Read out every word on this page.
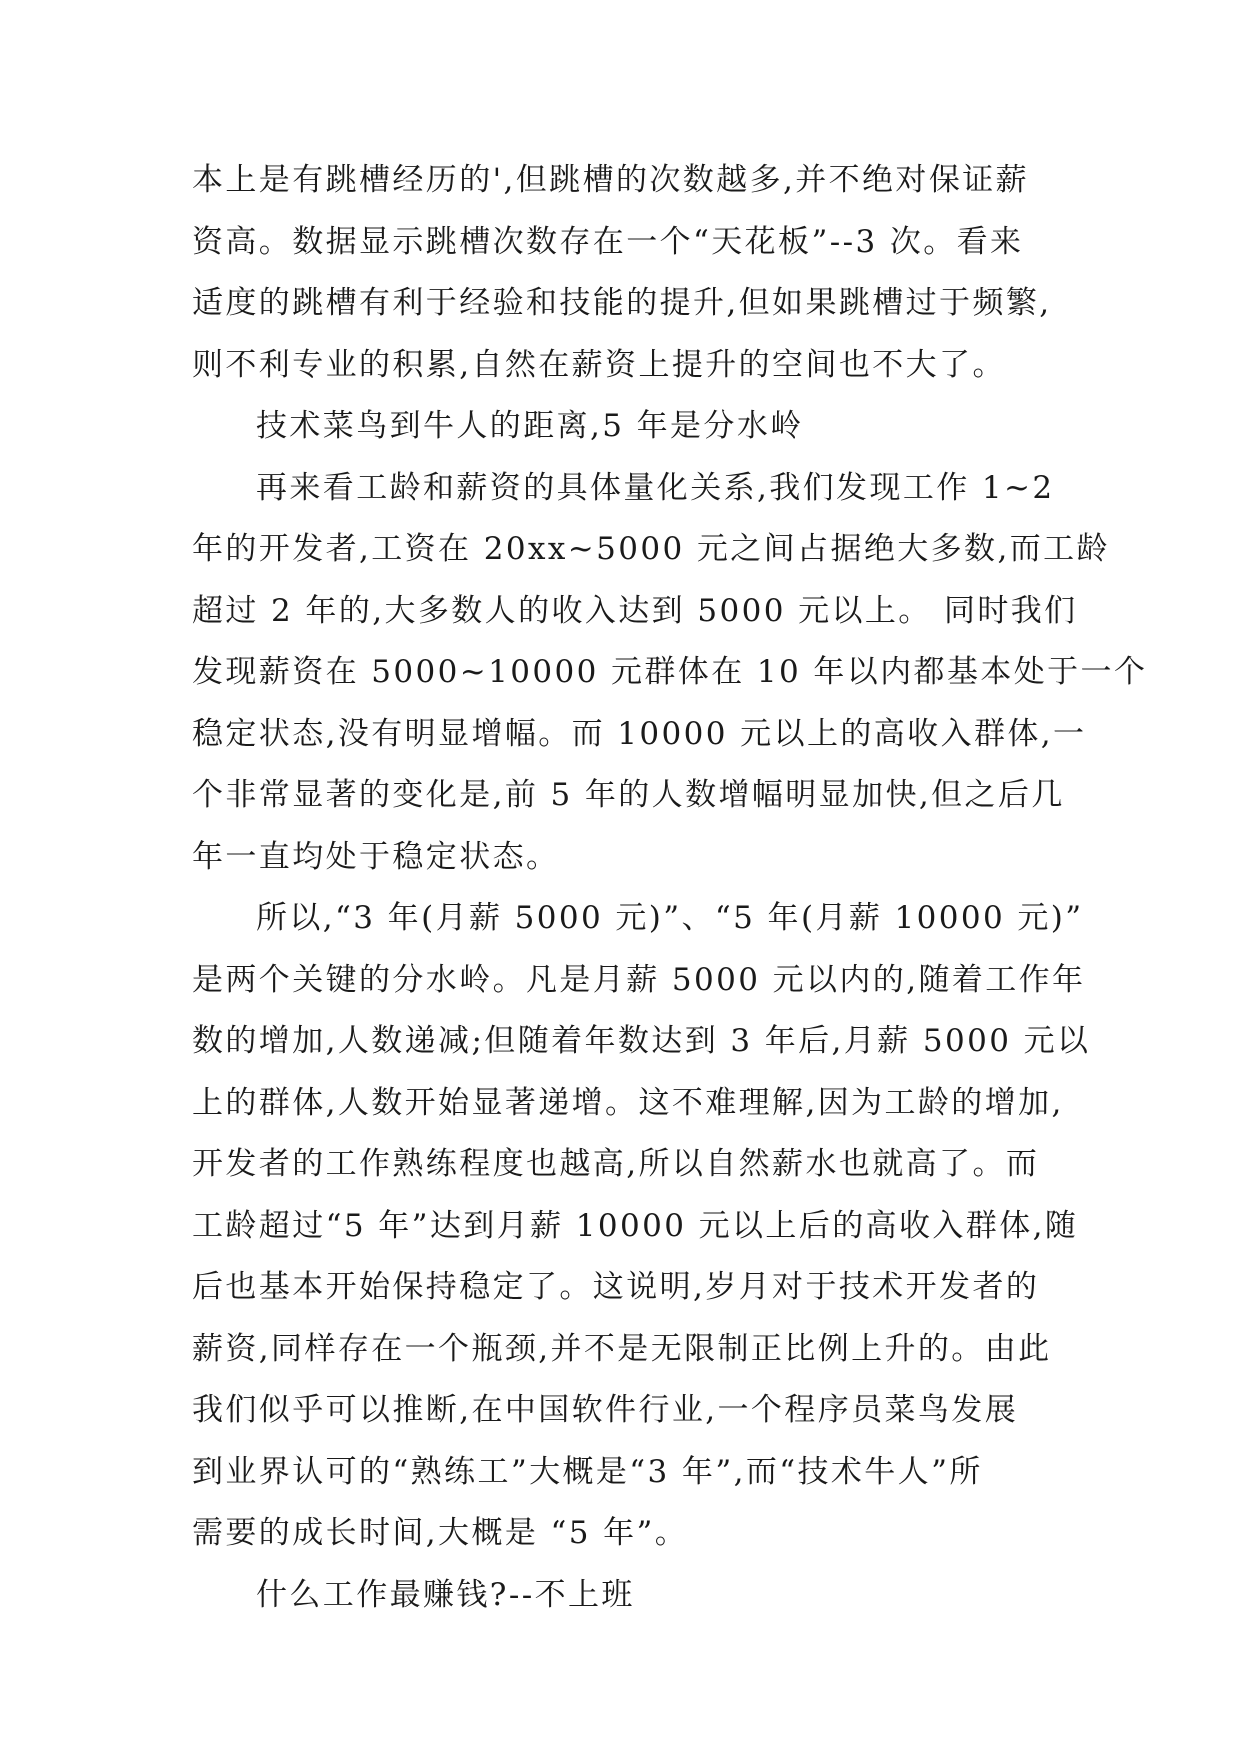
本上是有跳槽经历的',但跳槽的次数越多,并不绝对保证薪
资高。数据显示跳槽次数存在一个“天花板”--3 次。看来
适度的跳槽有利于经验和技能的提升,但如果跳槽过于频繁,
则不利专业的积累,自然在薪资上提升的空间也不大了。
技术菜鸟到牛人的距离,5 年是分水岭
再来看工龄和薪资的具体量化关系,我们发现工作 1~2
年的开发者,工资在 20xx~5000 元之间占据绝大多数,而工龄
超过 2 年的,大多数人的收入达到 5000 元以上。 同时我们
发现薪资在 5000~10000 元群体在 10 年以内都基本处于一个
稳定状态,没有明显增幅。而 10000 元以上的高收入群体,一
个非常显著的变化是,前 5 年的人数增幅明显加快,但之后几
年一直均处于稳定状态。
所以,“3 年(月薪 5000 元)”、“5 年(月薪 10000 元)”
是两个关键的分水岭。凡是月薪 5000 元以内的,随着工作年
数的增加,人数递减;但随着年数达到 3 年后,月薪 5000 元以
上的群体,人数开始显著递增。这不难理解,因为工龄的增加,
开发者的工作熟练程度也越高,所以自然薪水也就高了。而
工龄超过“5 年”达到月薪 10000 元以上后的高收入群体,随
后也基本开始保持稳定了。这说明,岁月对于技术开发者的
薪资,同样存在一个瓶颈,并不是无限制正比例上升的。由此
我们似乎可以推断,在中国软件行业,一个程序员菜鸟发展
到业界认可的“熟练工”大概是“3 年”,而“技术牛人”所
需要的成长时间,大概是 “5 年”。
什么工作最赚钱?--不上班
